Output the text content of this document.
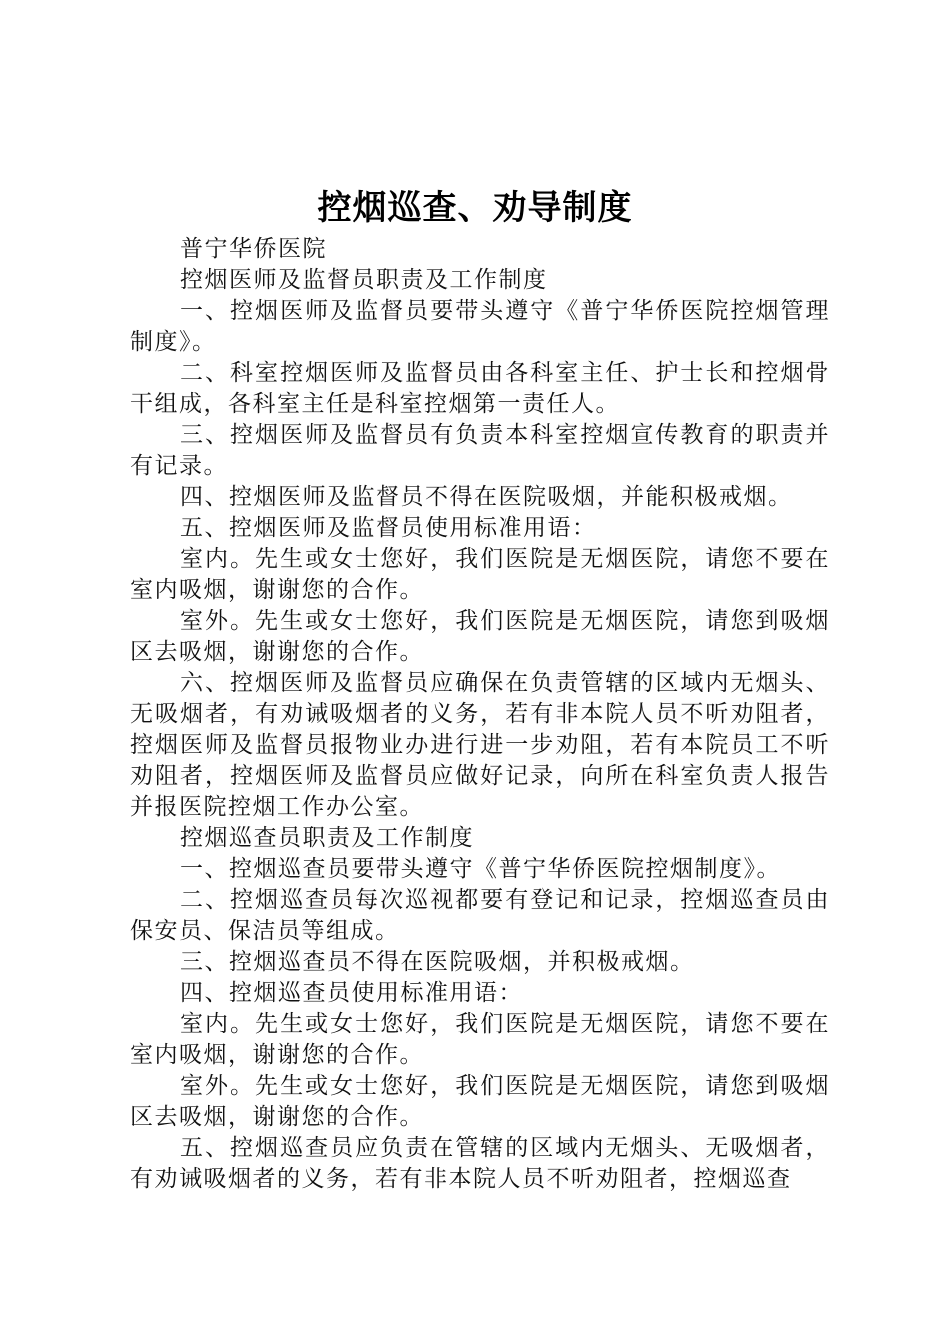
控烟巡查、劝导制度

普宁华侨医院

控烟医师及监督员职责及工作制度

一、控烟医师及监督员要带头遵守《普宁华侨医院控烟管理制度》。

二、科室控烟医师及监督员由各科室主任、护士长和控烟骨干组成，各科室主任是科室控烟第一责任人。

三、控烟医师及监督员有负责本科室控烟宣传教育的职责并有记录。

四、控烟医师及监督员不得在医院吸烟，并能积极戒烟。

五、控烟医师及监督员使用标准用语：

室内。先生或女士您好，我们医院是无烟医院，请您不要在室内吸烟，谢谢您的合作。

室外。先生或女士您好，我们医院是无烟医院，请您到吸烟区去吸烟，谢谢您的合作。

六、控烟医师及监督员应确保在负责管辖的区域内无烟头、无吸烟者，有劝诫吸烟者的义务，若有非本院人员不听劝阻者，控烟医师及监督员报物业办进行进一步劝阻，若有本院员工不听劝阻者，控烟医师及监督员应做好记录，向所在科室负责人报告并报医院控烟工作办公室。

控烟巡查员职责及工作制度

一、控烟巡查员要带头遵守《普宁华侨医院控烟制度》。

二、控烟巡查员每次巡视都要有登记和记录，控烟巡查员由保安员、保洁员等组成。

三、控烟巡查员不得在医院吸烟，并积极戒烟。

四、控烟巡查员使用标准用语：

室内。先生或女士您好，我们医院是无烟医院，请您不要在室内吸烟，谢谢您的合作。

室外。先生或女士您好，我们医院是无烟医院，请您到吸烟区去吸烟，谢谢您的合作。

五、控烟巡查员应负责在管辖的区域内无烟头、无吸烟者，有劝诫吸烟者的义务，若有非本院人员不听劝阻者，控烟巡查
